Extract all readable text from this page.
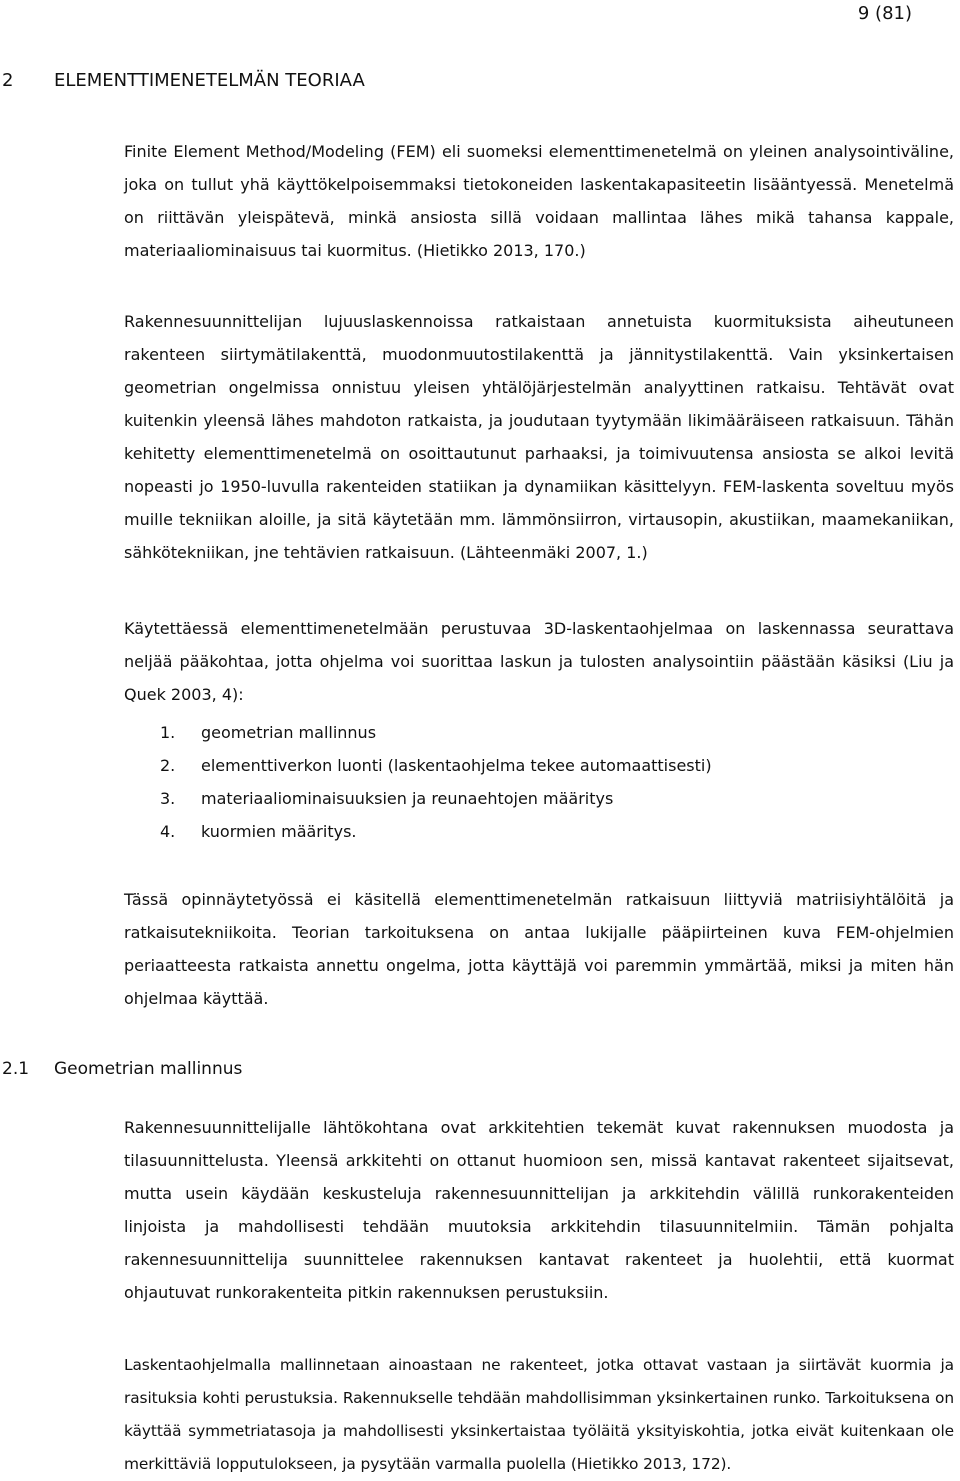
9 (81)
2	ELEMENTTIMENETELMÄN TEORIAA

Finite Element Method/Modeling (FEM) eli suomeksi elementtimenetelmä on yleinen analysointiväline, joka on tullut yhä käyttökelpoisemmaksi tietokoneiden laskentakapasiteetin lisääntyessä. Menetelmä on riittävän yleispätevä, minkä ansiosta sillä voidaan mallintaa lähes mikä tahansa kappale, materiaaliominaisuus tai kuormitus. (Hietikko 2013, 170.)

Rakennesuunnittelijan lujuuslaskennoissa ratkaistaan annetuista kuormituksista aiheutuneen rakenteen siirtymätilakenttä, muodonmuutostilakenttä ja jännitystilakenttä. Vain yksinkertaisen geometrian ongelmissa onnistuu yleisen yhtälöjärjestelmän analyyttinen ratkaisu. Tehtävät ovat kuitenkin yleensä lähes mahdoton ratkaista, ja joudutaan tyytymään likimääräiseen ratkaisuun. Tähän kehitetty elementtimenetelmä on osoittautunut parhaaksi, ja toimivuutensa ansiosta se alkoi levitä nopeasti jo 1950-luvulla rakenteiden statiikan ja dynamiikan käsittelyyn. FEM-laskenta soveltuu myös muille tekniikan aloille, ja sitä käytetään mm. lämmönsiirron, virtausopin, akustiikan, maamekaniikan, sähkötekniikan, jne tehtävien ratkaisuun. (Lähteenmäki 2007, 1.)

Käytettäessä elementtimenetelmään perustuvaa 3D-laskentaohjelmaa on laskennassa seurattava neljää pääkohtaa, jotta ohjelma voi suorittaa laskun ja tulosten analysointiin päästään käsiksi (Liu ja Quek 2003, 4):

1.	geometrian mallinnus
2.	elementtiverkon luonti (laskentaohjelma tekee automaattisesti)
3.	materiaaliominaisuuksien ja reunaehtojen määritys
4.	kuormien määritys.

Tässä opinnäytetyössä ei käsitellä elementtimenetelmän ratkaisuun liittyviä matriisiyhtälöitä ja ratkaisutekniikoita. Teorian tarkoituksena on antaa lukijalle pääpiirteinen kuva FEM-ohjelmien periaatteesta ratkaista annettu ongelma, jotta käyttäjä voi paremmin ymmärtää, miksi ja miten hän ohjelmaa käyttää.

2.1	Geometrian mallinnus

Rakennesuunnittelijalle lähtökohtana ovat arkkitehtien tekemät kuvat rakennuksen muodosta ja tilasuunnittelusta. Yleensä arkkitehti on ottanut huomioon sen, missä kantavat rakenteet sijaitsevat, mutta usein käydään keskusteluja rakennesuunnittelijan ja arkkitehdin välillä runkorakenteiden linjoista ja mahdollisesti tehdään muutoksia arkkitehdin tilasuunnitelmiin. Tämän pohjalta rakennesuunnittelija suunnittelee rakennuksen kantavat rakenteet ja huolehtii, että kuormat ohjautuvat runkorakenteita pitkin rakennuksen perustuksiin.

Laskentaohjelmalla mallinnetaan ainoastaan ne rakenteet, jotka ottavat vastaan ja siirtävät kuormia ja rasituksia kohti perustuksia. Rakennukselle tehdään mahdollisimman yksinkertainen runko. Tarkoituksena on käyttää symmetriatasoja ja mahdollisesti yksinkertaistaa työläitä yksityiskohtia, jotka eivät kuitenkaan ole merkittäviä lopputulokseen, ja pysytään varmalla puolella (Hietikko 2013, 172).
